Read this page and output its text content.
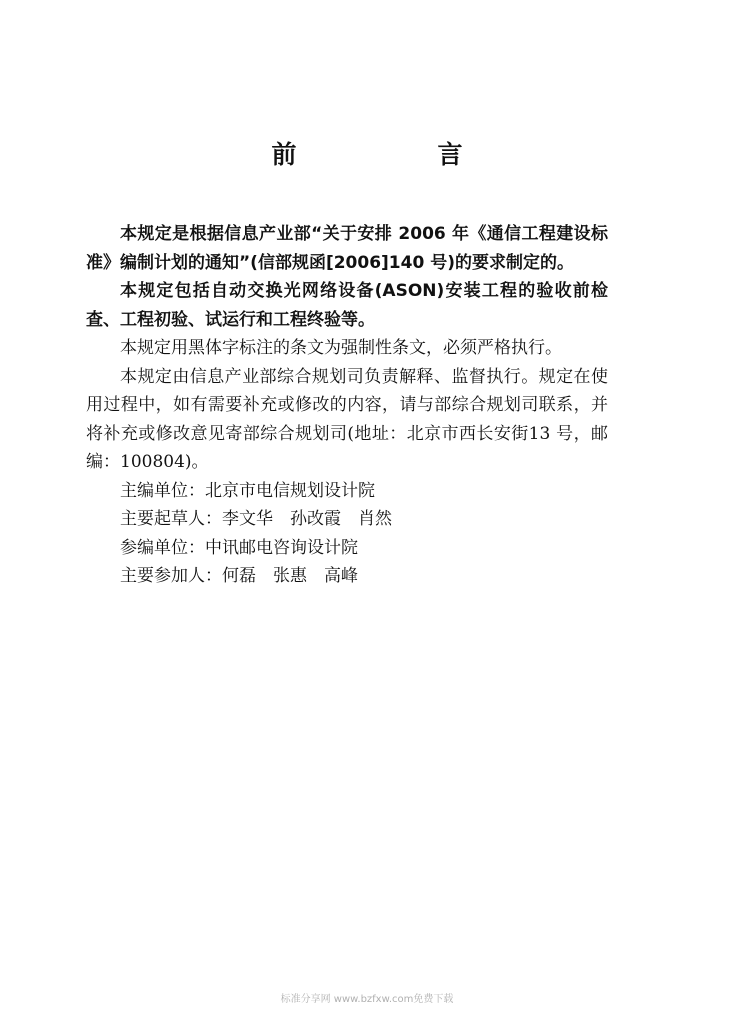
前　言

本规定是根据信息产业部“关于安排 2006 年《通信工程建设标准》编制计划的通知”(信部规函[2006]140 号)的要求制定的。

本规定包括自动交换光网络设备(ASON)安装工程的验收前检查、工程初验、试运行和工程终验等。

本规定用黑体字标注的条文为强制性条文，必须严格执行。

本规定由信息产业部综合规划司负责解释、监督执行。规定在使用过程中，如有需要补充或修改的内容，请与部综合规划司联系，并将补充或修改意见寄部综合规划司(地址：北京市西长安街13 号，邮编：100804)。

主编单位：北京市电信规划设计院

主要起草人：李文华　孙改霞　肖然

参编单位：中讯邮电咨询设计院

主要参加人：何磊　张惠　高峰

标准分享网 www.bzfxw.com免费下载
